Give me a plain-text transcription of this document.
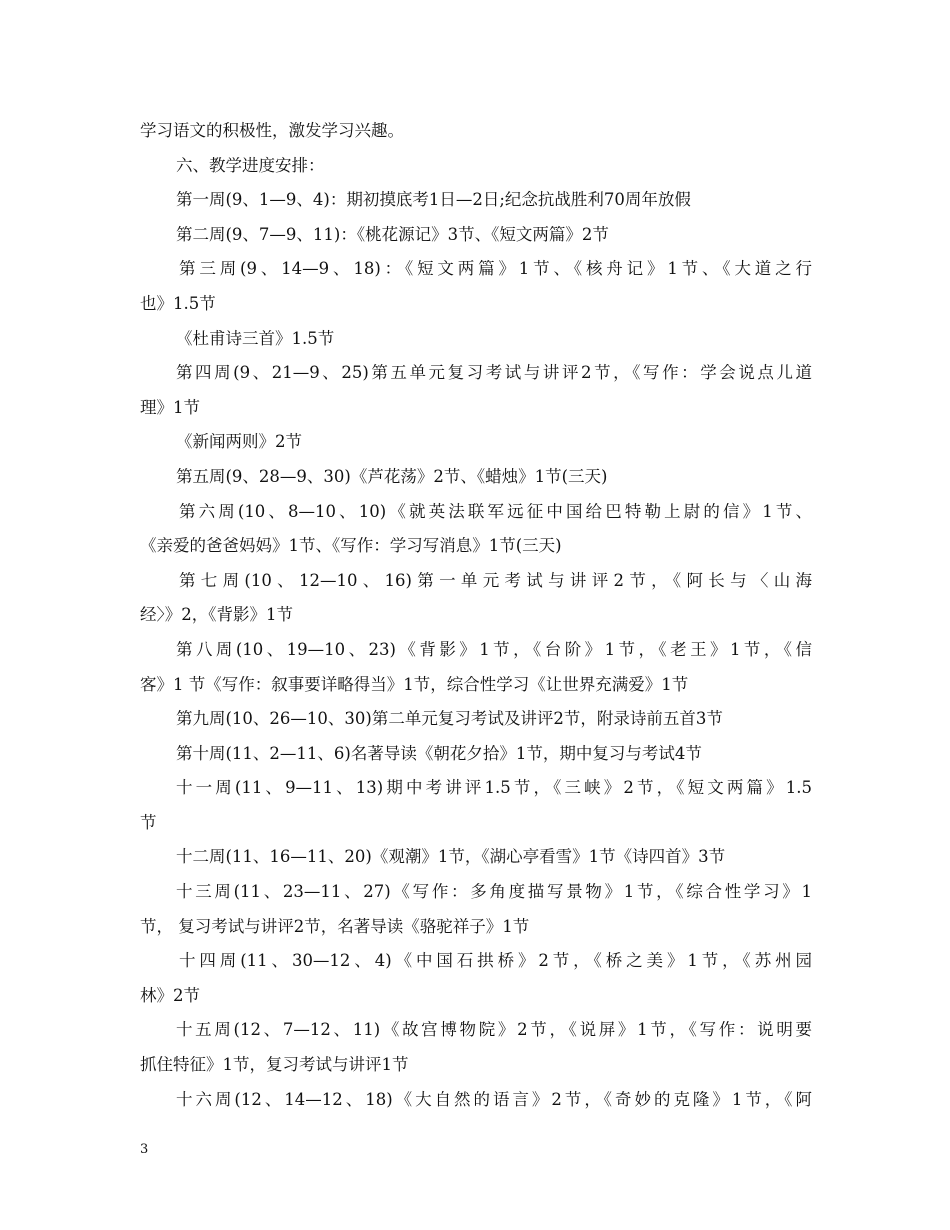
学习语文的积极性，激发学习兴趣。
六、教学进度安排：
第一周(9、1—9、4)：期初摸底考1日—2日;纪念抗战胜利70周年放假
第二周(9、7—9、11)：《桃花源记》3节、《短文两篇》2节
第三周(9、14—9、18)：《短文两篇》1节、《核舟记》1节、《大道之行
也》1.5节
《杜甫诗三首》1.5节
第四周(9、21—9、25)第五单元复习考试与讲评2节，《写作：学会说点儿道
理》1节
《新闻两则》2节
第五周(9、28—9、30)《芦花荡》2节、《蜡烛》1节(三天)
第六周(10、8—10、10)《就英法联军远征中国给巴特勒上尉的信》1节、
《亲爱的爸爸妈妈》1节、《写作：学习写消息》1节(三天)
第七周(10、12—10、16)第一单元考试与讲评2节，《阿长与〈山海
经〉》2，《背影》1节
第八周(10、19—10、23)《背影》1节，《台阶》1节，《老王》1节，《信
客》1 节《写作：叙事要详略得当》1节，综合性学习《让世界充满爱》1节
第九周(10、26—10、30)第二单元复习考试及讲评2节，附录诗前五首3节
第十周(11、2—11、6)名著导读《朝花夕拾》1节，期中复习与考试4节
十一周(11、9—11、13)期中考讲评1.5节，《三峡》2节，《短文两篇》1.5
节
十二周(11、16—11、20)《观潮》1节，《湖心亭看雪》1节《诗四首》3节
十三周(11、23—11、27)《写作：多角度描写景物》1节，《综合性学习》1
节， 复习考试与讲评2节，名著导读《骆驼祥子》1节
十四周(11、30—12、4)《中国石拱桥》2节，《桥之美》1节，《苏州园
林》2节
十五周(12、7—12、11)《故宫博物院》2节，《说屏》1节，《写作：说明要
抓住特征》1节，复习考试与讲评1节
十六周(12、14—12、18)《大自然的语言》2节，《奇妙的克隆》1节，《阿
3
